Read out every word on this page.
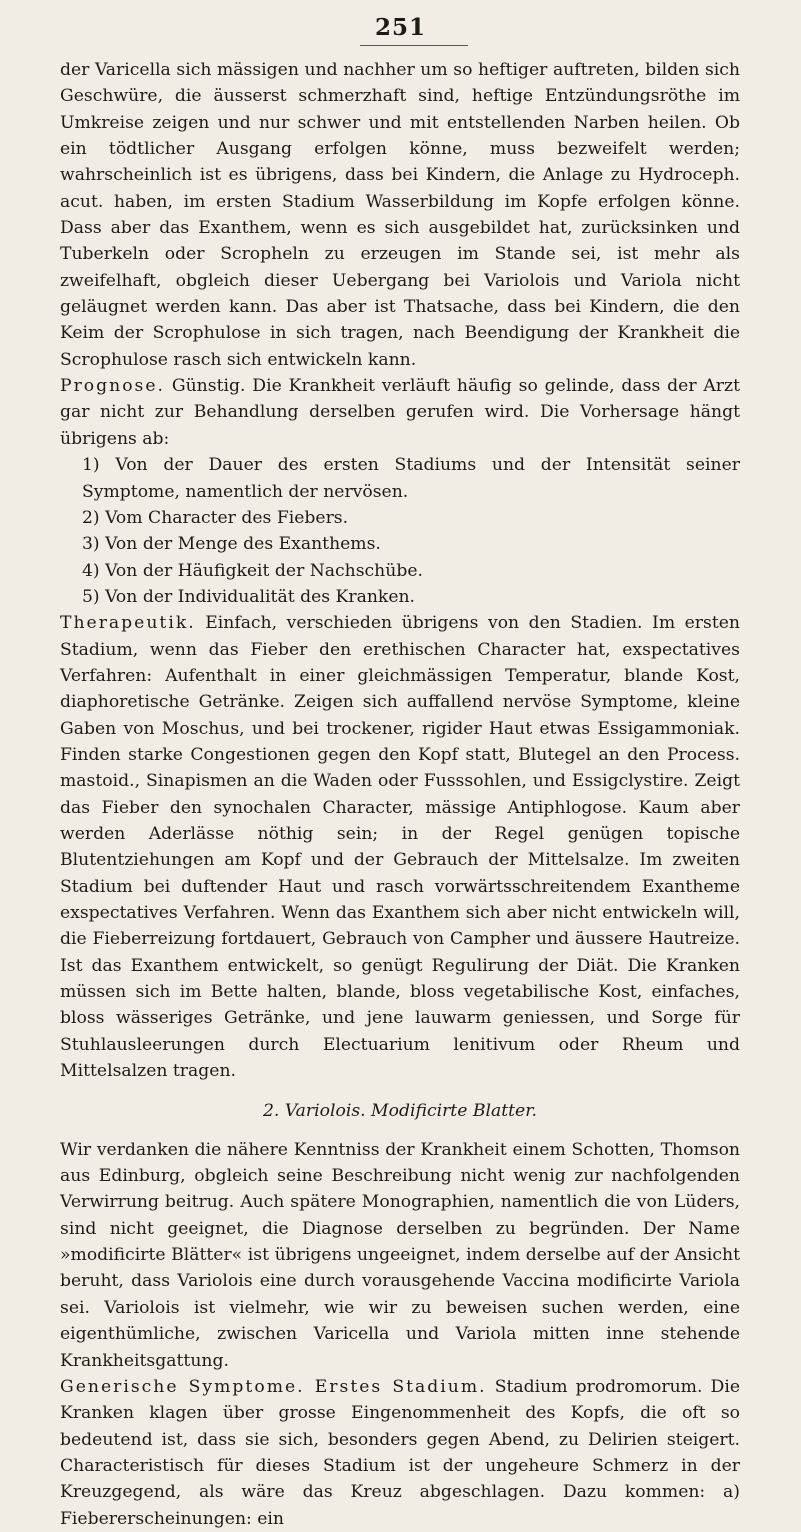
251

der Varicella sich mässigen und nachher um so heftiger auftreten, bilden sich Geschwüre, die äusserst schmerzhaft sind, heftige Entzündungsröthe im Umkreise zeigen und nur schwer und mit entstellenden Narben heilen. Ob ein tödtlicher Ausgang erfolgen könne, muss bezweifelt werden; wahrscheinlich ist es übrigens, dass bei Kindern, die Anlage zu Hydroceph. acut. haben, im ersten Stadium Wasserbildung im Kopfe erfolgen könne. Dass aber das Exanthem, wenn es sich ausgebildet hat, zurücksinken und Tuberkeln oder Scropheln zu erzeugen im Stande sei, ist mehr als zweifelhaft, obgleich dieser Uebergang bei Variolois und Variola nicht geläugnet werden kann. Das aber ist Thatsache, dass bei Kindern, die den Keim der Scrophulose in sich tragen, nach Beendigung der Krankheit die Scrophulose rasch sich entwickeln kann.

Prognose. Günstig. Die Krankheit verläuft häufig so gelinde, dass der Arzt gar nicht zur Behandlung derselben gerufen wird. Die Vorhersage hängt übrigens ab:

1) Von der Dauer des ersten Stadiums und der Intensität seiner Symptome, namentlich der nervösen.

2) Vom Character des Fiebers.

3) Von der Menge des Exanthems.

4) Von der Häufigkeit der Nachschübe.

5) Von der Individualität des Kranken.

Therapeutik. Einfach, verschieden übrigens von den Stadien. Im ersten Stadium, wenn das Fieber den erethischen Character hat, exspectatives Verfahren: Aufenthalt in einer gleichmässigen Temperatur, blande Kost, diaphoretische Getränke. Zeigen sich auffallend nervöse Symptome, kleine Gaben von Moschus, und bei trockener, rigider Haut etwas Essigammoniak. Finden starke Congestionen gegen den Kopf statt, Blutegel an den Process. mastoid., Sinapismen an die Waden oder Fusssohlen, und Essigclystire. Zeigt das Fieber den synochalen Character, mässige Antiphlogose. Kaum aber werden Aderlässe nöthig sein; in der Regel genügen topische Blutentziehungen am Kopf und der Gebrauch der Mittelsalze. Im zweiten Stadium bei duftender Haut und rasch vorwärtsschreitendem Exantheme exspectatives Verfahren. Wenn das Exanthem sich aber nicht entwickeln will, die Fieberreizung fortdauert, Gebrauch von Campher und äussere Hautreize. Ist das Exanthem entwickelt, so genügt Regulirung der Diät. Die Kranken müssen sich im Bette halten, blande, bloss vegetabilische Kost, einfaches, bloss wässeriges Getränke, und jene lauwarm geniessen, und Sorge für Stuhlausleerungen durch Electuarium lenitivum oder Rheum und Mittelsalzen tragen.

2. Variolois. Modificirte Blatter.

Wir verdanken die nähere Kenntniss der Krankheit einem Schotten, Thomson aus Edinburg, obgleich seine Beschreibung nicht wenig zur nachfolgenden Verwirrung beitrug. Auch spätere Monographien, namentlich die von Lüders, sind nicht geeignet, die Diagnose derselben zu begründen. Der Name »modificirte Blätter« ist übrigens ungeeignet, indem derselbe auf der Ansicht beruht, dass Variolois eine durch vorausgehende Vaccina modificirte Variola sei. Variolois ist vielmehr, wie wir zu beweisen suchen werden, eine eigenthümliche, zwischen Varicella und Variola mitten inne stehende Krankheitsgattung.

Generische Symptome. Erstes Stadium. Stadium prodromorum. Die Kranken klagen über grosse Eingenommenheit des Kopfs, die oft so bedeutend ist, dass sie sich, besonders gegen Abend, zu Delirien steigert. Characteristisch für dieses Stadium ist der ungeheure Schmerz in der Kreuzgegend, als wäre das Kreuz abgeschlagen. Dazu kommen: a) Fiebererscheinungen: ein
